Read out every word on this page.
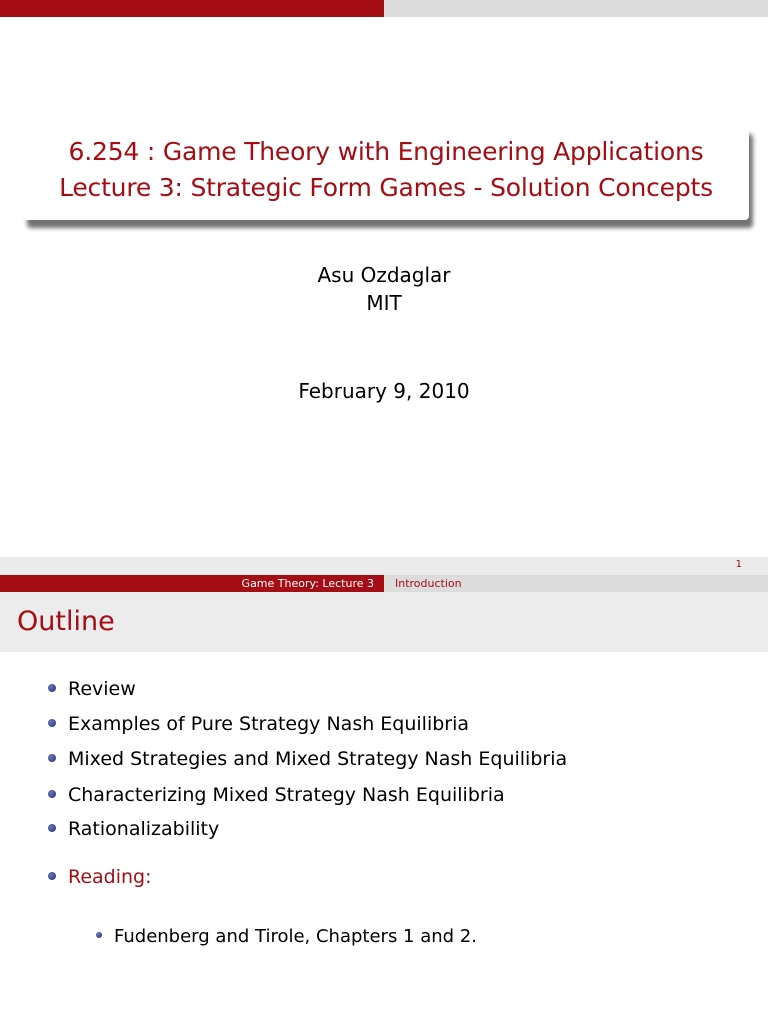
6.254 : Game Theory with Engineering Applications
Lecture 3: Strategic Form Games - Solution Concepts
Asu Ozdaglar
MIT
February 9, 2010
1
Game Theory: Lecture 3 Introduction
Outline
Review
Examples of Pure Strategy Nash Equilibria
Mixed Strategies and Mixed Strategy Nash Equilibria
Characterizing Mixed Strategy Nash Equilibria
Rationalizability
Reading:
Fudenberg and Tirole, Chapters 1 and 2.
